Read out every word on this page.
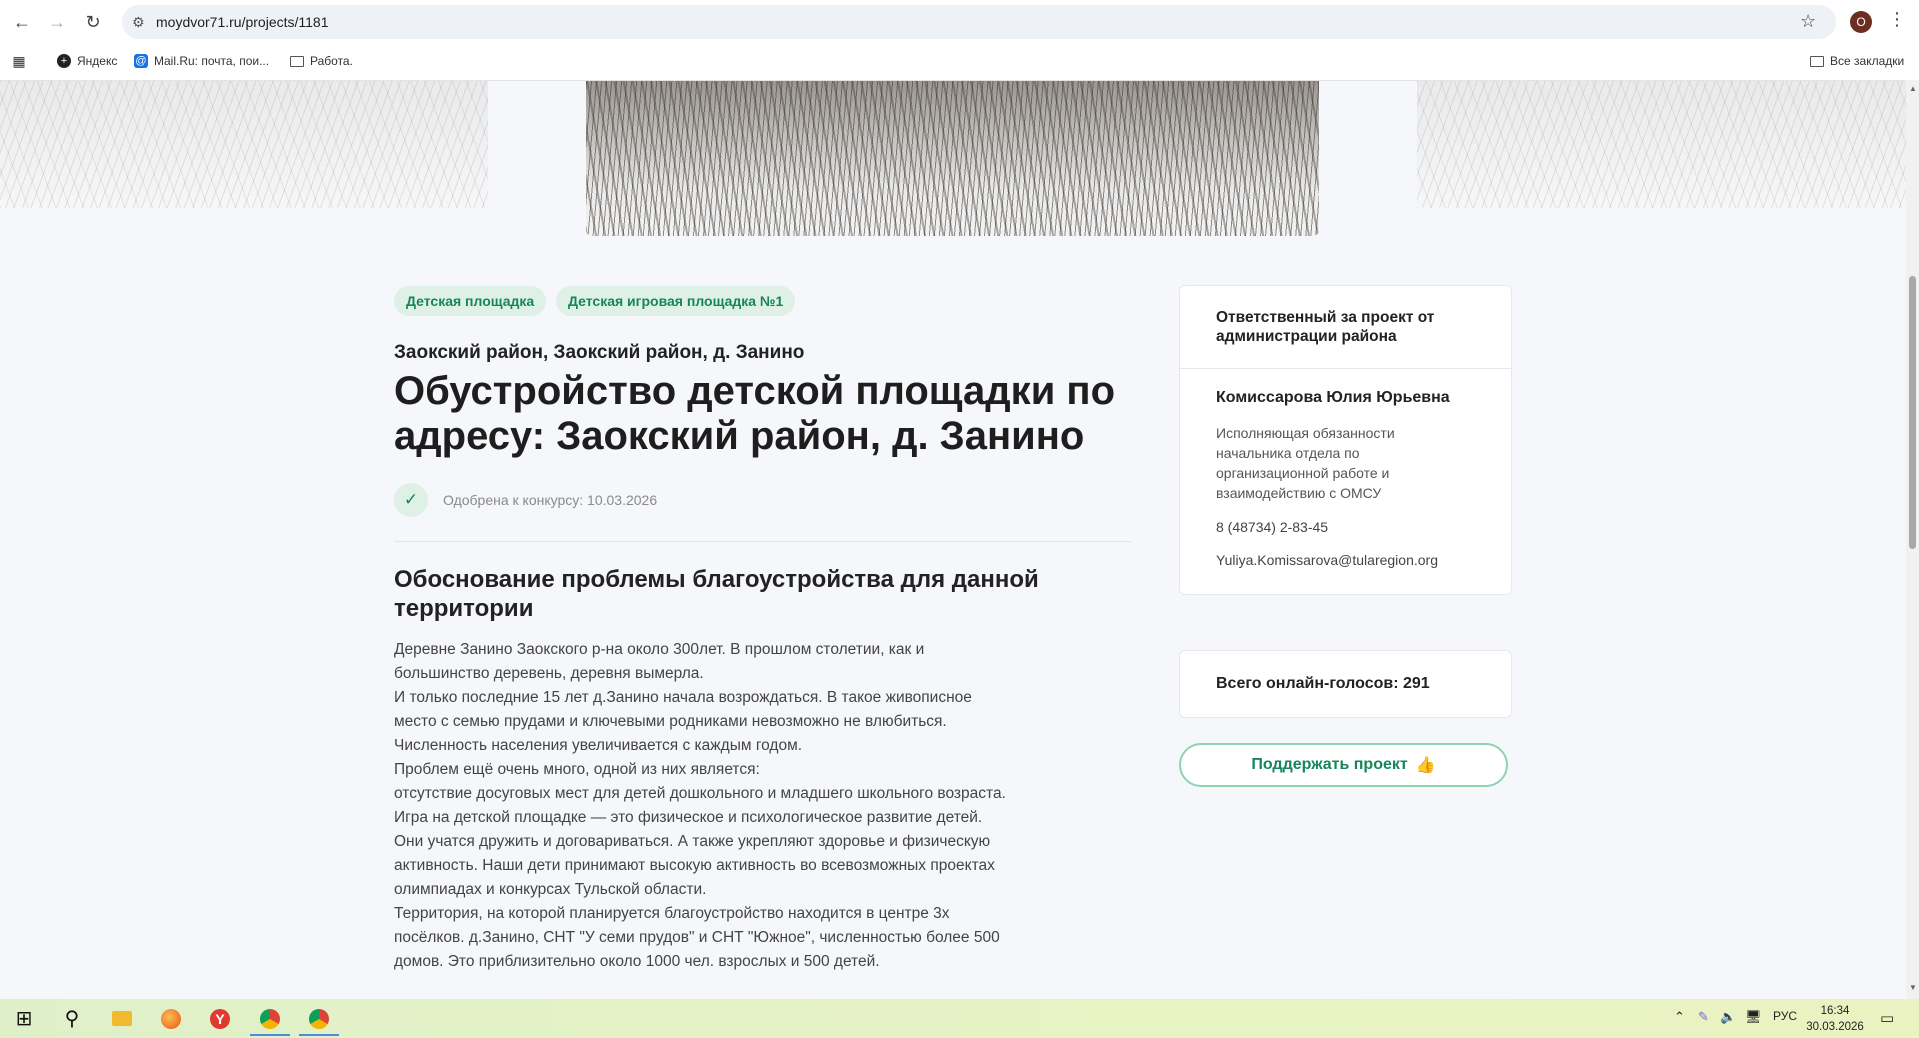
← → ↻ ⚙ moydvor71.ru/projects/1181	☆	O	⋮
▦	+ Яндекс @ Mail.Ru: почта, пои...	Работа.	Все закладки
Детская площадка	Детская игровая площадка №1
Заокский район, Заокский район, д. Занино
Обустройство детской площадки по адресу: Заокский район, д. Занино
✓	Одобрена к конкурсу: 10.03.2026
Обоснование проблемы благоустройства для данной территории

Деревне Занино Заокского р-на около 300лет. В прошлом столетии, как и большинство деревень, деревня вымерла.

И только последние 15 лет д.Занино начала возрождаться. В такое живописное место с семью прудами и ключевыми родниками невозможно не влюбиться. Численность населения увеличивается с каждым годом.

Проблем ещё очень много, одной из них является:

отсутствие досуговых мест для детей дошкольного и младшего школьного возраста.

Игра на детской площадке — это физическое и психологическое развитие детей. Они учатся дружить и договариваться. А также укрепляют здоровье и физическую активность. Наши дети принимают высокую активность во всевозможных проектах олимпиадах и конкурсах Тульской области.

Территория, на которой планируется благоустройство находится в центре 3х посёлков. д.Занино, СНТ "У семи прудов" и СНТ "Южное", численностью более 500 домов. Это приблизительно около 1000 чел. взрослых и 500 детей.

Ответственный за проект от администрации района
Комиссарова Юлия Юрьевна
Исполняющая обязанности начальника отдела по организационной работе и взаимодействию с ОМСУ
8 (48734) 2-83-45
Yuliya.Komissarova@tularegion.org
Всего онлайн-голосов: 291
Поддержать проект 👍
▲
▼
⊞ ⚲	Y	⌃ ✎ 🔈 🖥 РУС	16:34
30.03.2026	▭
